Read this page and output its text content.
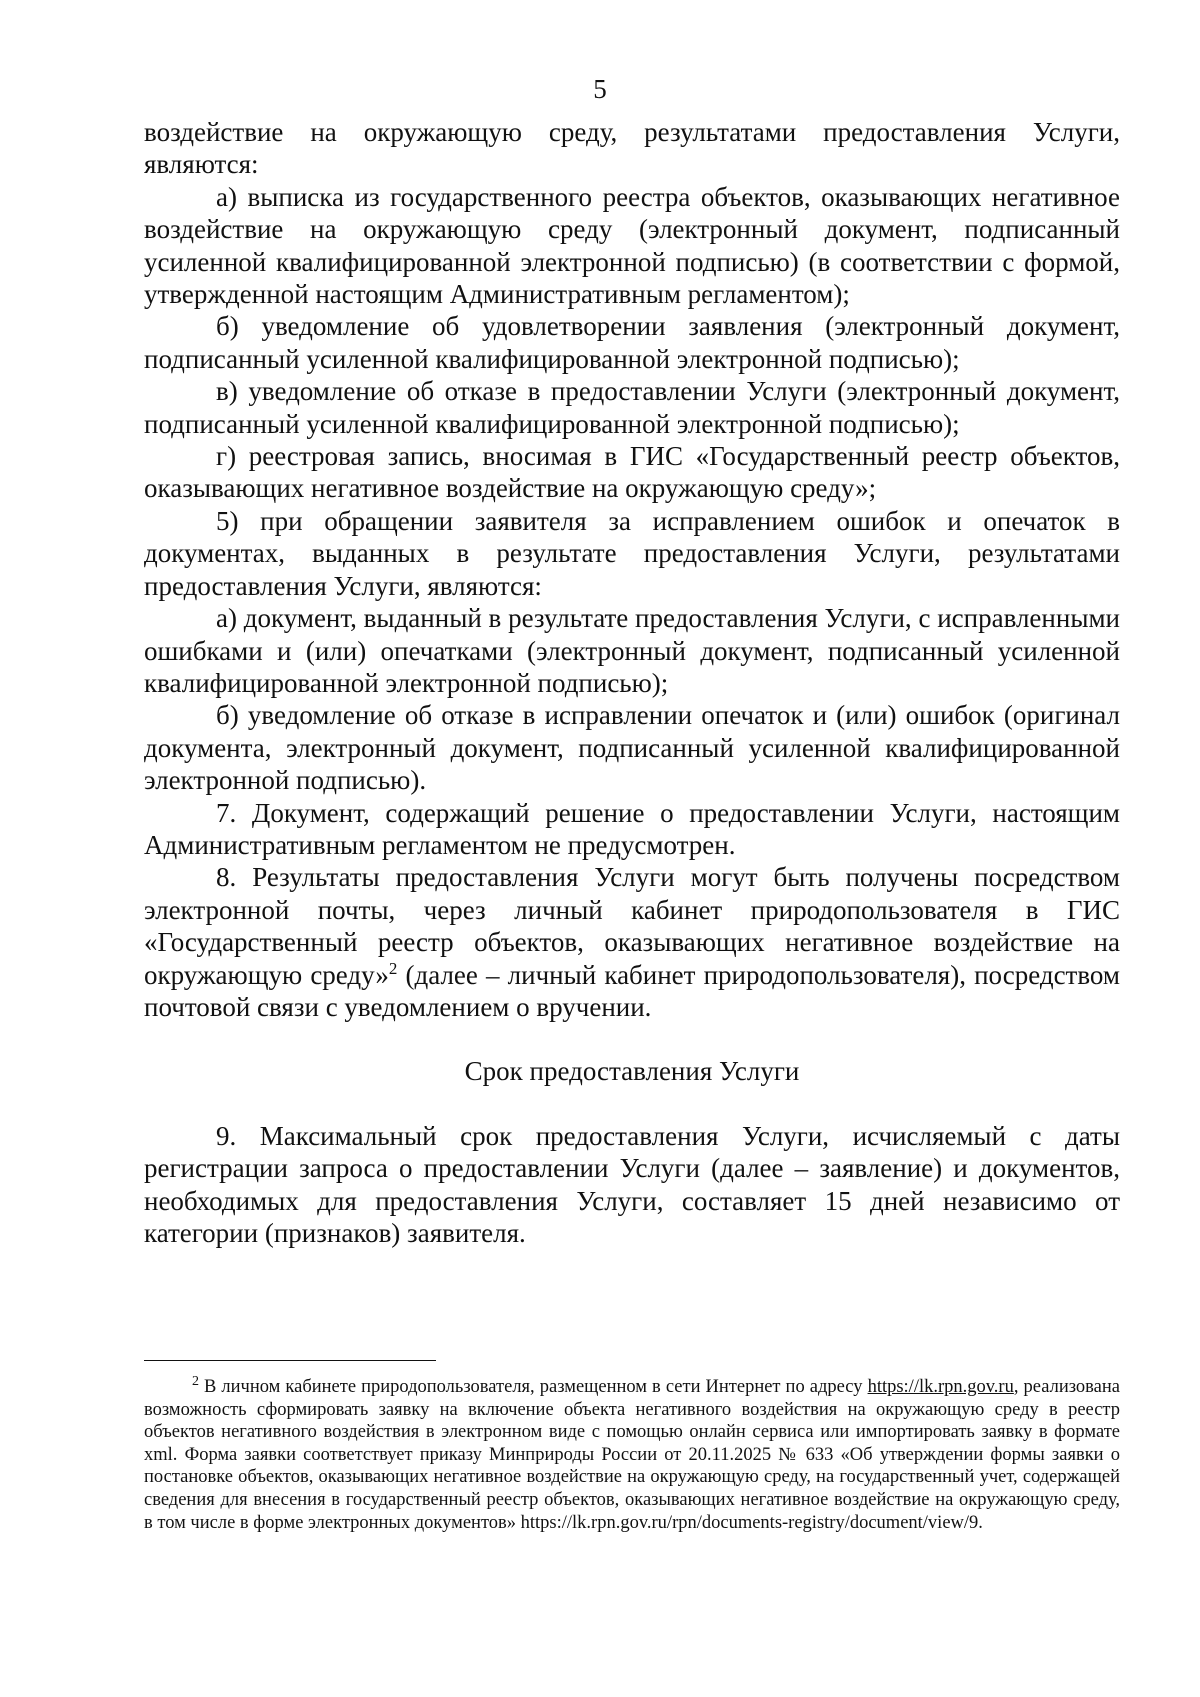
5

воздействие на окружающую среду, результатами предоставления Услуги, являются:

а) выписка из государственного реестра объектов, оказывающих негативное воздействие на окружающую среду (электронный документ, подписанный усиленной квалифицированной электронной подписью) (в соответствии с формой, утвержденной настоящим Административным регламентом);

б) уведомление об удовлетворении заявления (электронный документ, подписанный усиленной квалифицированной электронной подписью);

в) уведомление об отказе в предоставлении Услуги (электронный документ, подписанный усиленной квалифицированной электронной подписью);

г) реестровая запись, вносимая в ГИС «Государственный реестр объектов, оказывающих негативное воздействие на окружающую среду»;

5) при обращении заявителя за исправлением ошибок и опечаток в документах, выданных в результате предоставления Услуги, результатами предоставления Услуги, являются:

а) документ, выданный в результате предоставления Услуги, с исправленными ошибками и (или) опечатками (электронный документ, подписанный усиленной квалифицированной электронной подписью);

б) уведомление об отказе в исправлении опечаток и (или) ошибок (оригинал документа, электронный документ, подписанный усиленной квалифицированной электронной подписью).

7. Документ, содержащий решение о предоставлении Услуги, настоящим Административным регламентом не предусмотрен.

8. Результаты предоставления Услуги могут быть получены посредством электронной почты, через личный кабинет природопользователя в ГИС «Государственный реестр объектов, оказывающих негативное воздействие на окружающую среду»$^2$ (далее – личный кабинет природопользователя), посредством почтовой связи с уведомлением о вручении.

Срок предоставления Услуги

9. Максимальный срок предоставления Услуги, исчисляемый с даты регистрации запроса о предоставлении Услуги (далее – заявление) и документов, необходимых для предоставления Услуги, составляет 15 дней независимо от категории (признаков) заявителя.

$^2$ В личном кабинете природопользователя, размещенном в сети Интернет по адресу https://lk.rpn.gov.ru, реализована возможность сформировать заявку на включение объекта негативного воздействия на окружающую среду в реестр объектов негативного воздействия в электронном виде с помощью онлайн сервиса или импортировать заявку в формате xml. Форма заявки соответствует приказу Минприроды России от 20.11.2025 № 633 «Об утверждении формы заявки о постановке объектов, оказывающих негативное воздействие на окружающую среду, на государственный учет, содержащей сведения для внесения в государственный реестр объектов, оказывающих негативное воздействие на окружающую среду, в том числе в форме электронных документов» https://lk.rpn.gov.ru/rpn/documents-registry/document/view/9.
